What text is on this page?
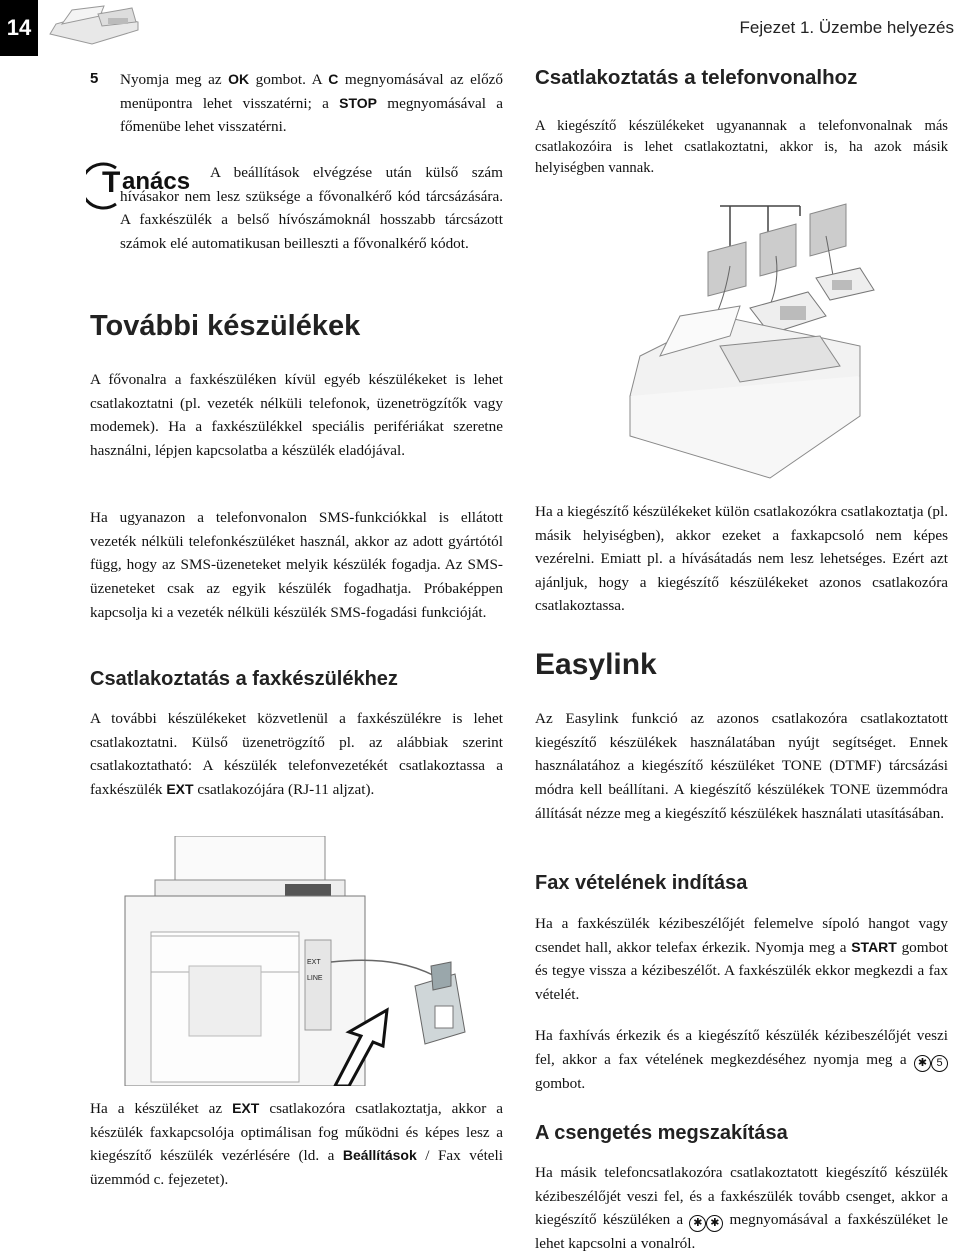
14	Fejezet 1. Üzembe helyezés
5 Nyomja meg az OK gombot. A C megnyomásával az előző menüpontra lehet visszatérni; a STOP megnyomásával a főmenübe lehet visszatérni.
T anács	A beállítások elvégzése után külső szám hívásakor nem lesz szüksége a fővonalkérő kód tárcsázására. A faxkészülék a belső hívószámoknál hosszabb tárcsázott számok elé automatikusan beilleszti a fővonalkérő kódot.
További készülékek
A fővonalra a faxkészüléken kívül egyéb készülékeket is lehet csatlakoztatni (pl. vezeték nélküli telefonok, üzenetrögzítők vagy modemek). Ha a faxkészülékkel speciális perifériákat szeretne használni, lépjen kapcsolatba a készülék eladójával.
Ha ugyanazon a telefonvonalon SMS-funkciókkal is ellátott vezeték nélküli telefonkészüléket használ, akkor az adott gyártótól függ, hogy az SMS-üzeneteket melyik készülék fogadja. Az SMS-üzeneteket csak az egyik készülék fogadhatja. Próbaképpen kapcsolja ki a vezeték nélküli készülék SMS-fogadási funkcióját.
Csatlakoztatás a faxkészülékhez
A további készülékeket közvetlenül a faxkészülékre is lehet csatlakoztatni. Külső üzenetrögzítő pl. az alábbiak szerint csatlakoztatható: A készülék telefonvezetékét csatlakoztassa a faxkészülék EXT csatlakozójára (RJ-11 aljzat).
EXT
LINE
Ha a készüléket az EXT csatlakozóra csatlakoztatja, akkor a készülék faxkapcsolója optimálisan fog működni és képes lesz a kiegészítő készülék vezérlésére (ld. a Beállítások / Fax vételi üzemmód c. fejezetet).
Csatlakoztatás a telefonvonalhoz
A kiegészítő készülékeket ugyanannak a telefonvonalnak más csatlakozóira is lehet csatlakoztatni, akkor is, ha azok másik helyiségben vannak.
Ha a kiegészítő készülékeket külön csatlakozókra csatlakoztatja (pl. másik helyiségben), akkor ezeket a faxkapcsoló nem képes vezérelni. Emiatt pl. a hívásátadás nem lesz lehetséges. Ezért azt ajánljuk, hogy a kiegészítő készülékeket azonos csatlakozóra csatlakoztassa.
Easylink
Az Easylink funkció az azonos csatlakozóra csatlakoztatott kiegészítő készülékek használatában nyújt segítséget. Ennek használatához a kiegészítő készüléket TONE (DTMF) tárcsázási módra kell beállítani. A kiegészítő készülékek TONE üzemmódra állítását nézze meg a kiegészítő készülékek használati utasításában.
Fax vételének indítása
Ha a faxkészülék kézibeszélőjét felemelve sípoló hangot vagy csendet hall, akkor telefax érkezik. Nyomja meg a START gombot és tegye vissza a kézibeszélőt. A faxkészülék ekkor megkezdi a fax vételét.
Ha faxhívás érkezik és a kiegészítő készülék kézibeszélőjét veszi fel, akkor a fax vételének megkezdéséhez nyomja meg a ✱ 5 gombot.
A csengetés megszakítása
Ha másik telefoncsatlakozóra csatlakoztatott kiegészítő készülék kézibeszélőjét veszi fel, és a faxkészülék tovább csenget, akkor a kiegészítő készüléken a ✱ ✱ megnyomásával a faxkészüléket le lehet kapcsolni a vonalról.
